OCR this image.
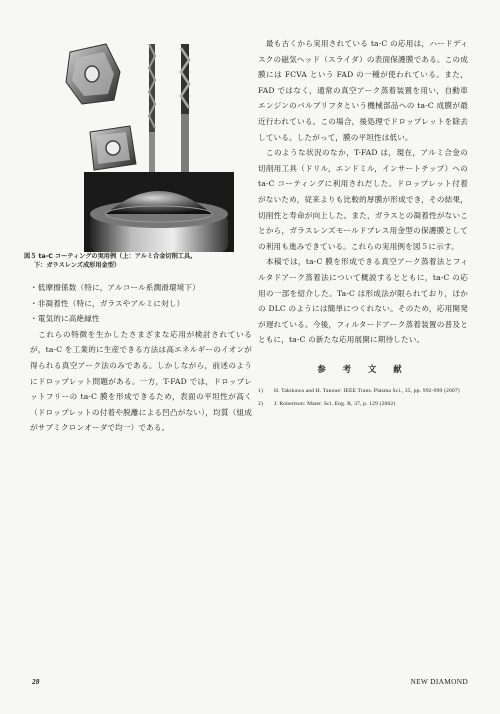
図５ ta-C コーティングの実用例（上：アルミ合金切削工具,
下：ガラスレンズ成形用金型）
・低摩擦係数（特に，アルコール系潤滑環境下）
・非凝着性（特に，ガラスやアルミに対し）
・電気的に高絶縁性

　これらの特徴を生かしたさまざまな応用が検討されているが，ta-C を工業的に生産できる方法は高エネルギーのイオンが得られる真空アーク法のみである。しかしながら，前述のようにドロップレット問題がある。一方，T-FAD では，ドロップレットフリーの ta-C 膜を形成できるため，表面の平坦性が高く（ドロップレットの付着や脱離による凹凸がない），均質（組成がサブミクロンオーダで均一）である。

　最も古くから実用されている ta-C の応用は，ハードディスクの磁気ヘッド（スライダ）の表面保護膜である。この成膜には FCVA という FAD の一種が使われている。また，FAD ではなく，通常の真空アーク蒸着装置を用い，自動車エンジンのバルブリフタという機械部品への ta-C 成膜が最近行われている。この場合，後処理でドロップレットを除去している。したがって，膜の平坦性は低い。

　このような状況のなか，T-FAD は，現在，アルミ合金の切削用工具（ドリル，エンドミル，インサートチップ）への ta-C コーティングに利用されだした。ドロップレット付着がないため，従来よりも比較的厚膜が形成でき，その結果，切削性と寿命が向上した。また，ガラスとの凝着性がないことから，ガラスレンズモールドプレス用金型の保護膜としての利用も進みできている。これらの実用例を図５に示す。

　本稿では，ta-C 膜を形成できる真空アーク蒸着法とフィルタドアーク蒸着法について概説するとともに，ta-C の応用の一部を紹介した。Ta-C は形成法が限られており，ほかの DLC のようには簡単につくれない。そのため，応用開発が遅れている。今後，フィルタードアーク蒸着装置の普及とともに，ta-C の新たな応用展開に期待したい。

参 考 文 献
1)	H. Takikawa and H. Tanoue: IEEE Trans. Plasma Sci., 35, pp. 992-999 (2007)
2)	J. Robertson: Mater. Sci. Eng. R, 37, p. 129 (2002)
28	NEW DIAMOND
